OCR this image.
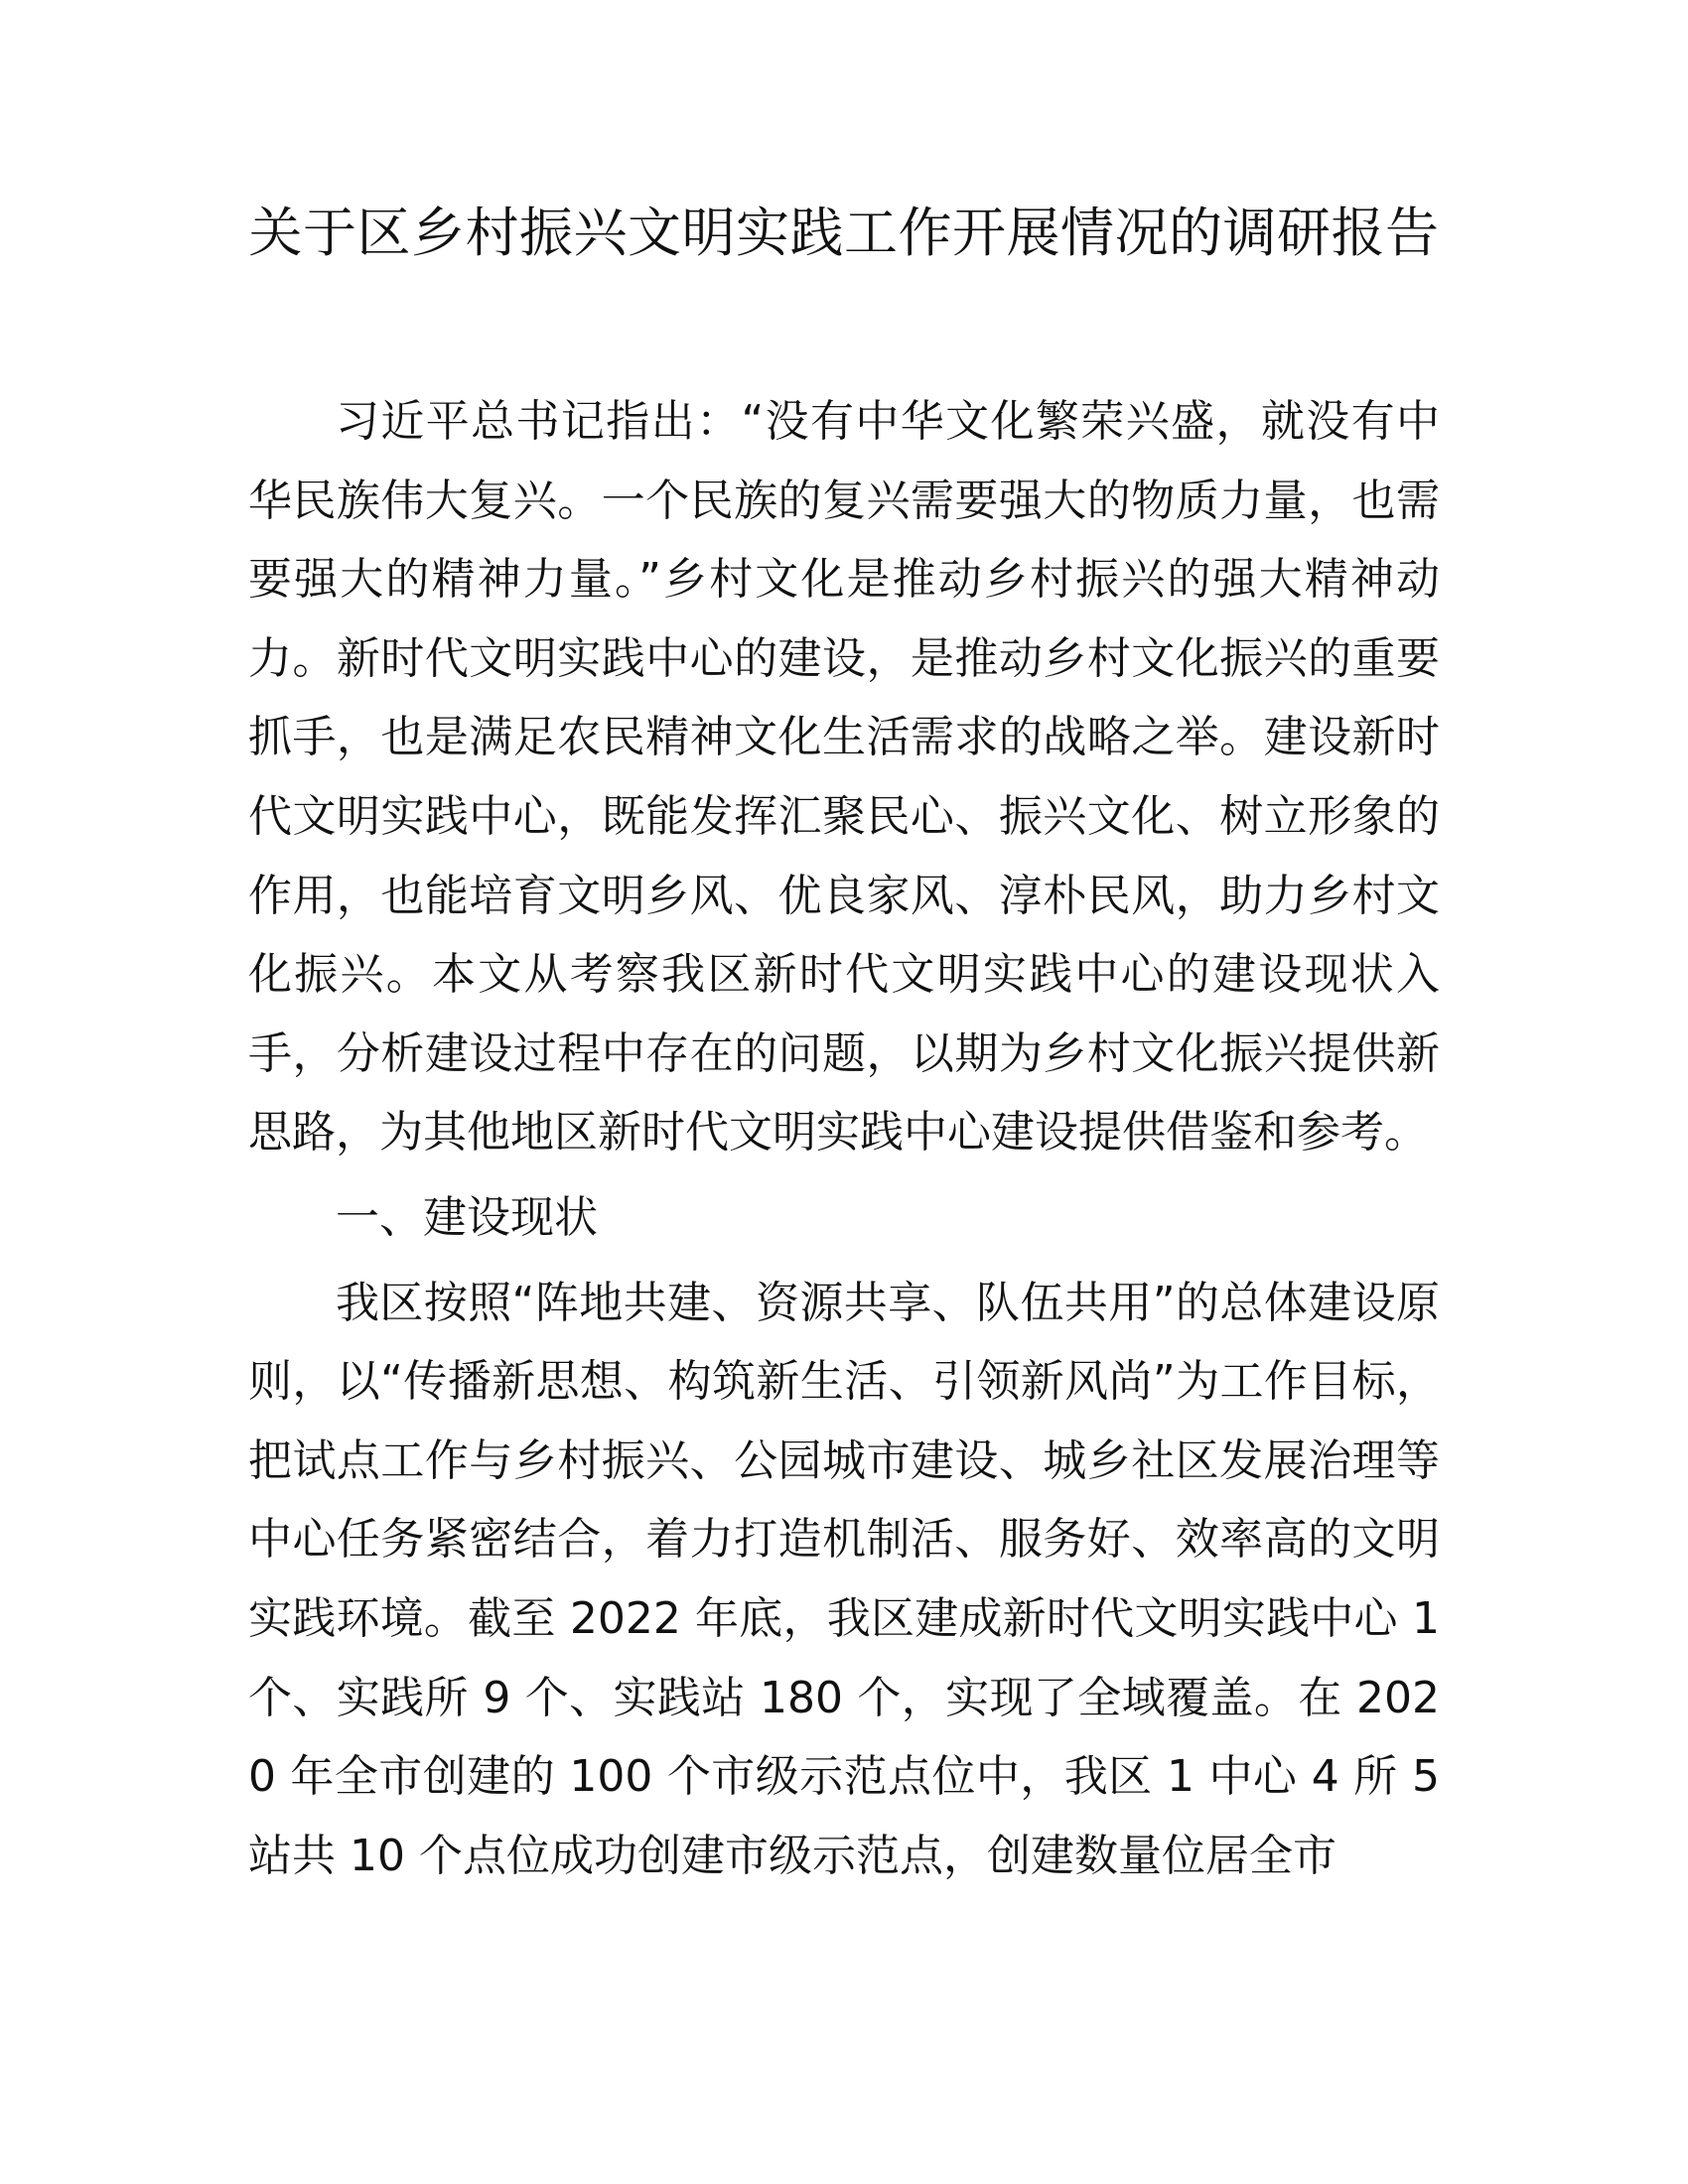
关于区乡村振兴文明实践工作开展情况的调研报告

习近平总书记指出：“没有中华文化繁荣兴盛，就没有中华民族伟大复兴。一个民族的复兴需要强大的物质力量，也需要强大的精神力量。”乡村文化是推动乡村振兴的强大精神动力。新时代文明实践中心的建设，是推动乡村文化振兴的重要抓手，也是满足农民精神文化生活需求的战略之举。建设新时代文明实践中心，既能发挥汇聚民心、振兴文化、树立形象的作用，也能培育文明乡风、优良家风、淳朴民风，助力乡村文化振兴。本文从考察我区新时代文明实践中心的建设现状入手，分析建设过程中存在的问题，以期为乡村文化振兴提供新思路，为其他地区新时代文明实践中心建设提供借鉴和参考。

一、建设现状

我区按照“阵地共建、资源共享、队伍共用”的总体建设原则，以“传播新思想、构筑新生活、引领新风尚”为工作目标，把试点工作与乡村振兴、公园城市建设、城乡社区发展治理等中心任务紧密结合，着力打造机制活、服务好、效率高的文明实践环境。截至 2022 年底，我区建成新时代文明实践中心 1 个、实践所 9 个、实践站 180 个，实现了全域覆盖。在 2020 年全市创建的 100 个市级示范点位中，我区 1 中心 4 所 5 站共 10 个点位成功创建市级示范点，创建数量位居全市
